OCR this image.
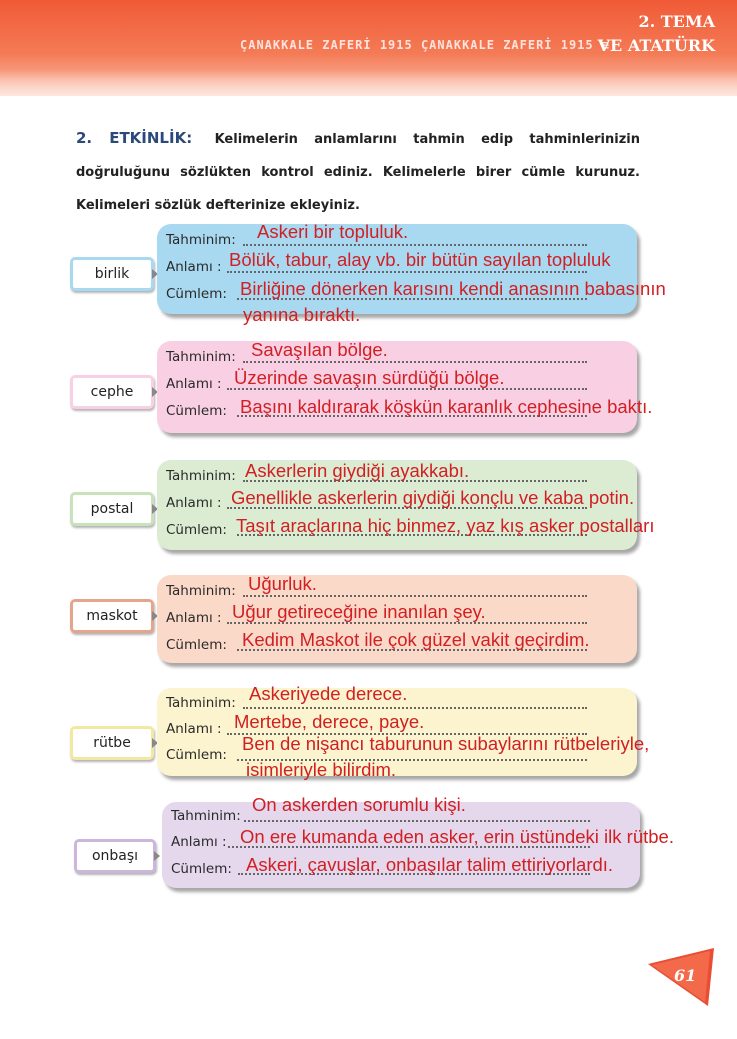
ÇANAKKALE ZAFERİ 1915 ÇANAKKALE ZAFERİ 1915 ≡
2. TEMA
VE ATATÜRK
2. ETKİNLİK: Kelimelerin anlamlarını tahmin edip tahminlerinizin doğruluğunu sözlükten kontrol ediniz. Kelimelerle birer cümle kurunuz. Kelimeleri sözlük defterinize ekleyiniz.
birlik
Tahminim:
Anlamı :
Cümlem:
Askeri bir topluluk.
Bölük, tabur, alay vb. bir bütün sayılan topluluk
Birliğine dönerken karısını kendi anasının babasının
yanına bıraktı.
cephe
Tahminim:
Anlamı :
Cümlem:
Savaşılan bölge.
Üzerinde savaşın sürdüğü bölge.
Başını kaldırarak köşkün karanlık cephesine baktı.
postal
Tahminim:
Anlamı :
Cümlem:
Askerlerin giydiği ayakkabı.
Genellikle askerlerin giydiği konçlu ve kaba potin.
Taşıt araçlarına hiç binmez, yaz kış asker postalları
maskot
Tahminim:
Anlamı :
Cümlem:
Uğurluk.
Uğur getireceğine inanılan şey.
Kedim Maskot ile çok güzel vakit geçirdim.
rütbe
Tahminim:
Anlamı :
Cümlem:
Askeriyede derece.
Mertebe, derece, paye.
Ben de nişancı taburunun subaylarını rütbeleriyle,
isimleriyle bilirdim.
onbaşı
Tahminim:
Anlamı :
Cümlem:
On askerden sorumlu kişi.
On ere kumanda eden asker, erin üstündeki ilk rütbe.
Askeri, çavuşlar, onbaşılar talim ettiriyorlardı.
61
